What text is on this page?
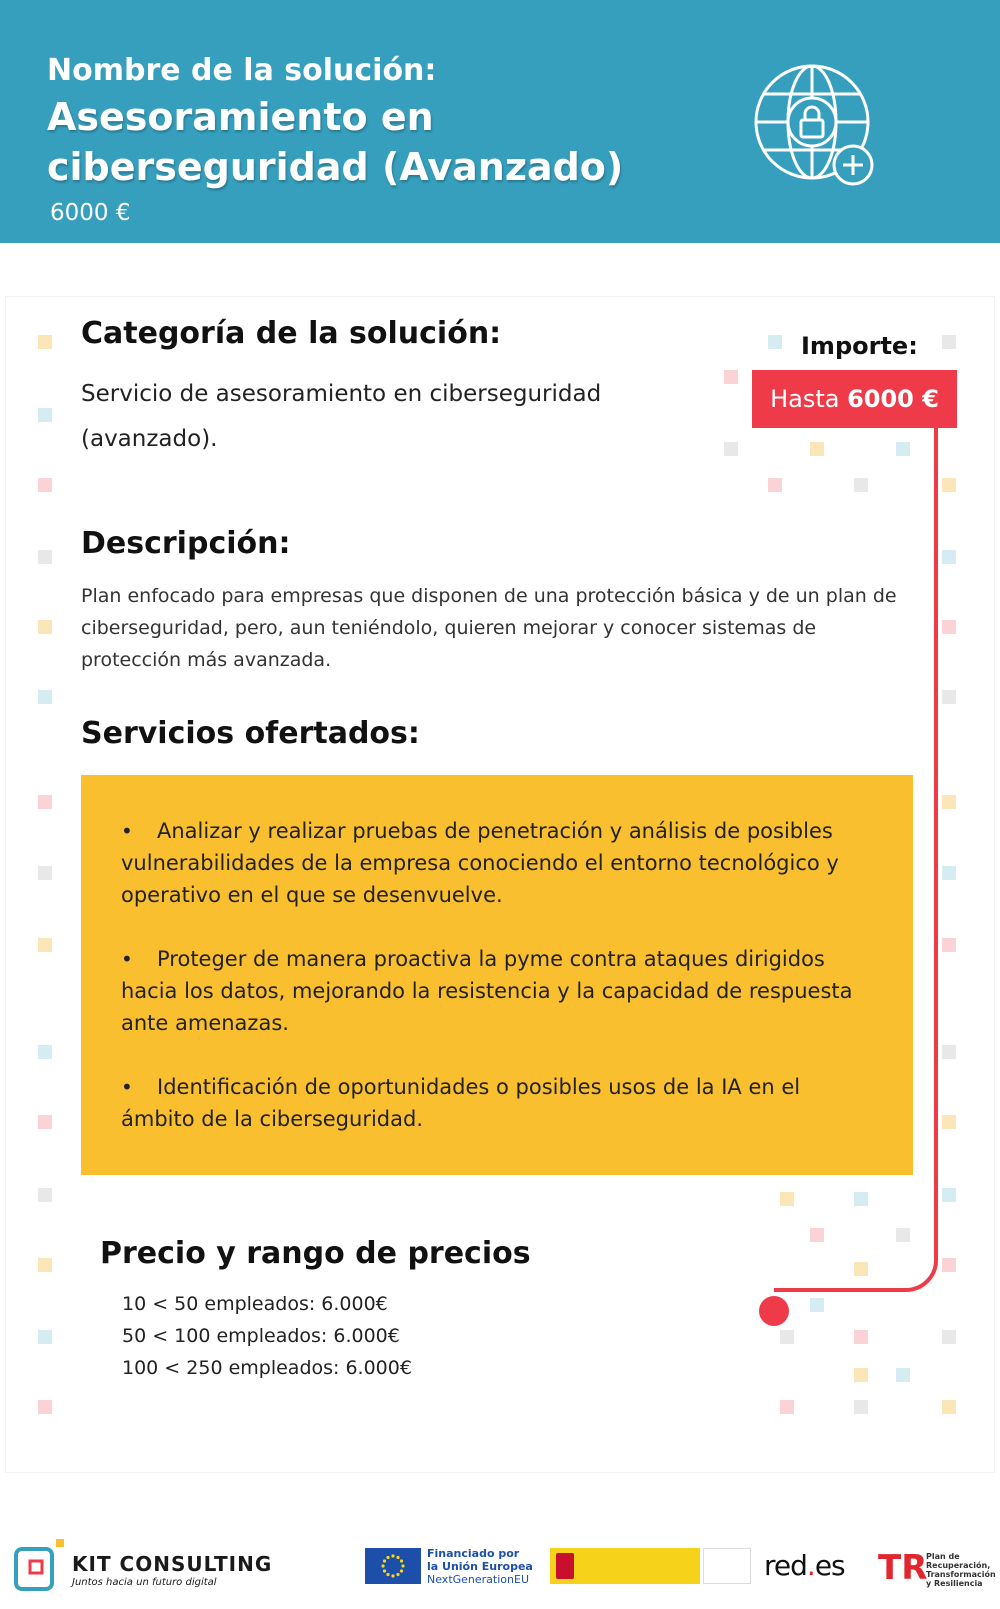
Nombre de la solución:
Asesoramiento en ciberseguridad (Avanzado)
6000 €
Categoría de la solución:
Servicio de asesoramiento en ciberseguridad (avanzado).
Importe:
Hasta 6000 €
Descripción:
Plan enfocado para empresas que disponen de una protección básica y de un plan de ciberseguridad, pero, aun teniéndolo, quieren mejorar y conocer sistemas de protección más avanzada.
Servicios ofertados:
• Analizar y realizar pruebas de penetración y análisis de posibles vulnerabilidades de la empresa conociendo el entorno tecnológico y operativo en el que se desenvuelve.
• Proteger de manera proactiva la pyme contra ataques dirigidos hacia los datos, mejorando la resistencia y la capacidad de respuesta ante amenazas.
• Identificación de oportunidades o posibles usos de la IA en el ámbito de la ciberseguridad.
Precio y rango de precios
10 < 50 empleados: 6.000€
50 < 100 empleados: 6.000€
100 < 250 empleados: 6.000€
KIT CONSULTING
Juntos hacia un futuro digital
Financiado por
la Unión Europea
NextGenerationEU	red.es TR
Plan de
Recuperación,
Transformación
y Resiliencia
